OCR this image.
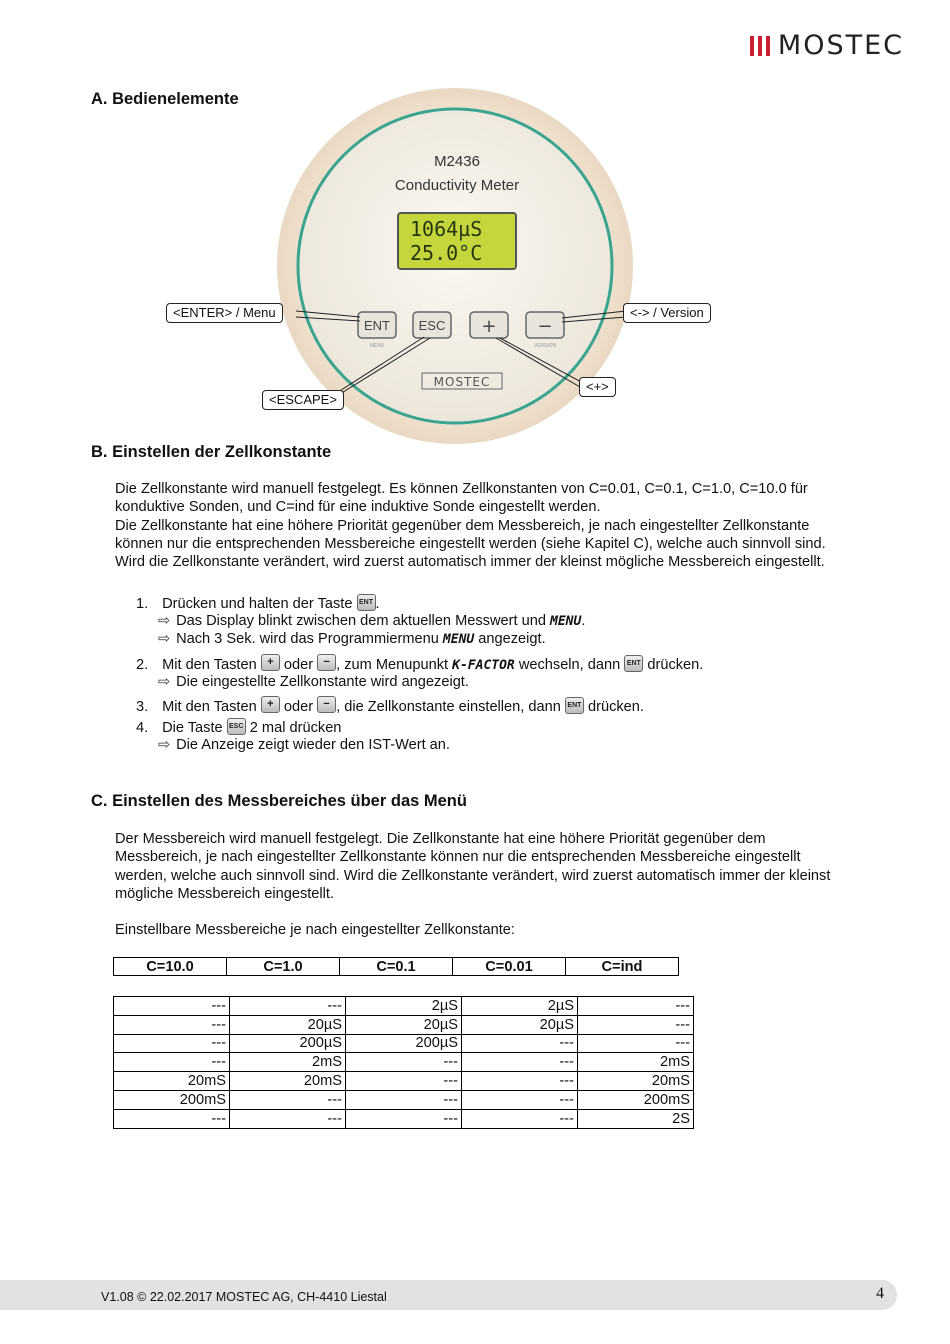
MOSTEC
A. Bedienelemente
M2436
Conductivity Meter
1064µS
25.0°C
ENT
MENU
ESC + −
VERSION
MOSTEC
<ENTER> / Menu	<-> / Version
<+>
<ESCAPE>
B. Einstellen der Zellkonstante

Die Zellkonstante wird manuell festgelegt. Es können Zellkonstanten von C=0.01, C=0.1, C=1.0, C=10.0 für
konduktive Sonden, und C=ind für eine induktive Sonde eingestellt werden.
Die Zellkonstante hat eine höhere Priorität gegenüber dem Messbereich, je nach eingestellter Zellkonstante
können nur die entsprechenden Messbereiche eingestellt werden (siehe Kapitel C), welche auch sinnvoll sind.
Wird die Zellkonstante verändert, wird zuerst automatisch immer der kleinst mögliche Messbereich eingestellt.

1. Drücken und halten der Taste ENT .
⇨ Das Display blinkt zwischen dem aktuellen Messwert und MENU.
⇨ Nach 3 Sek. wird das Programmiermenu MENU angezeigt.
2. Mit den Tasten + oder − , zum Menupunkt K-FACTOR wechseln, dann ENT drücken.
⇨ Die eingestellte Zellkonstante wird angezeigt.
3. Mit den Tasten + oder − , die Zellkonstante einstellen, dann ENT drücken.
4. Die Taste ESC 2 mal drücken
⇨ Die Anzeige zeigt wieder den IST-Wert an.
C. Einstellen des Messbereiches über das Menü

Der Messbereich wird manuell festgelegt. Die Zellkonstante hat eine höhere Priorität gegenüber dem
Messbereich, je nach eingestellter Zellkonstante können nur die entsprechenden Messbereiche eingestellt
werden, welche auch sinnvoll sind. Wird die Zellkonstante verändert, wird zuerst automatisch immer der kleinst
mögliche Messbereich eingestellt.

Einstellbare Messbereiche je nach eingestellter Zellkonstante:

C=10.0	C=1.0	C=0.1	C=0.01	C=ind
---	---	2µS	2µS	---
---	20µS	20µS	20µS	---
---	200µS	200µS	---	---
---	2mS	---	---	2mS
20mS	20mS	---	---	20mS
200mS	---	---	---	200mS
---	---	---	---	2S
V1.08 © 22.02.2017 MOSTEC AG, CH-4410 Liestal	4
